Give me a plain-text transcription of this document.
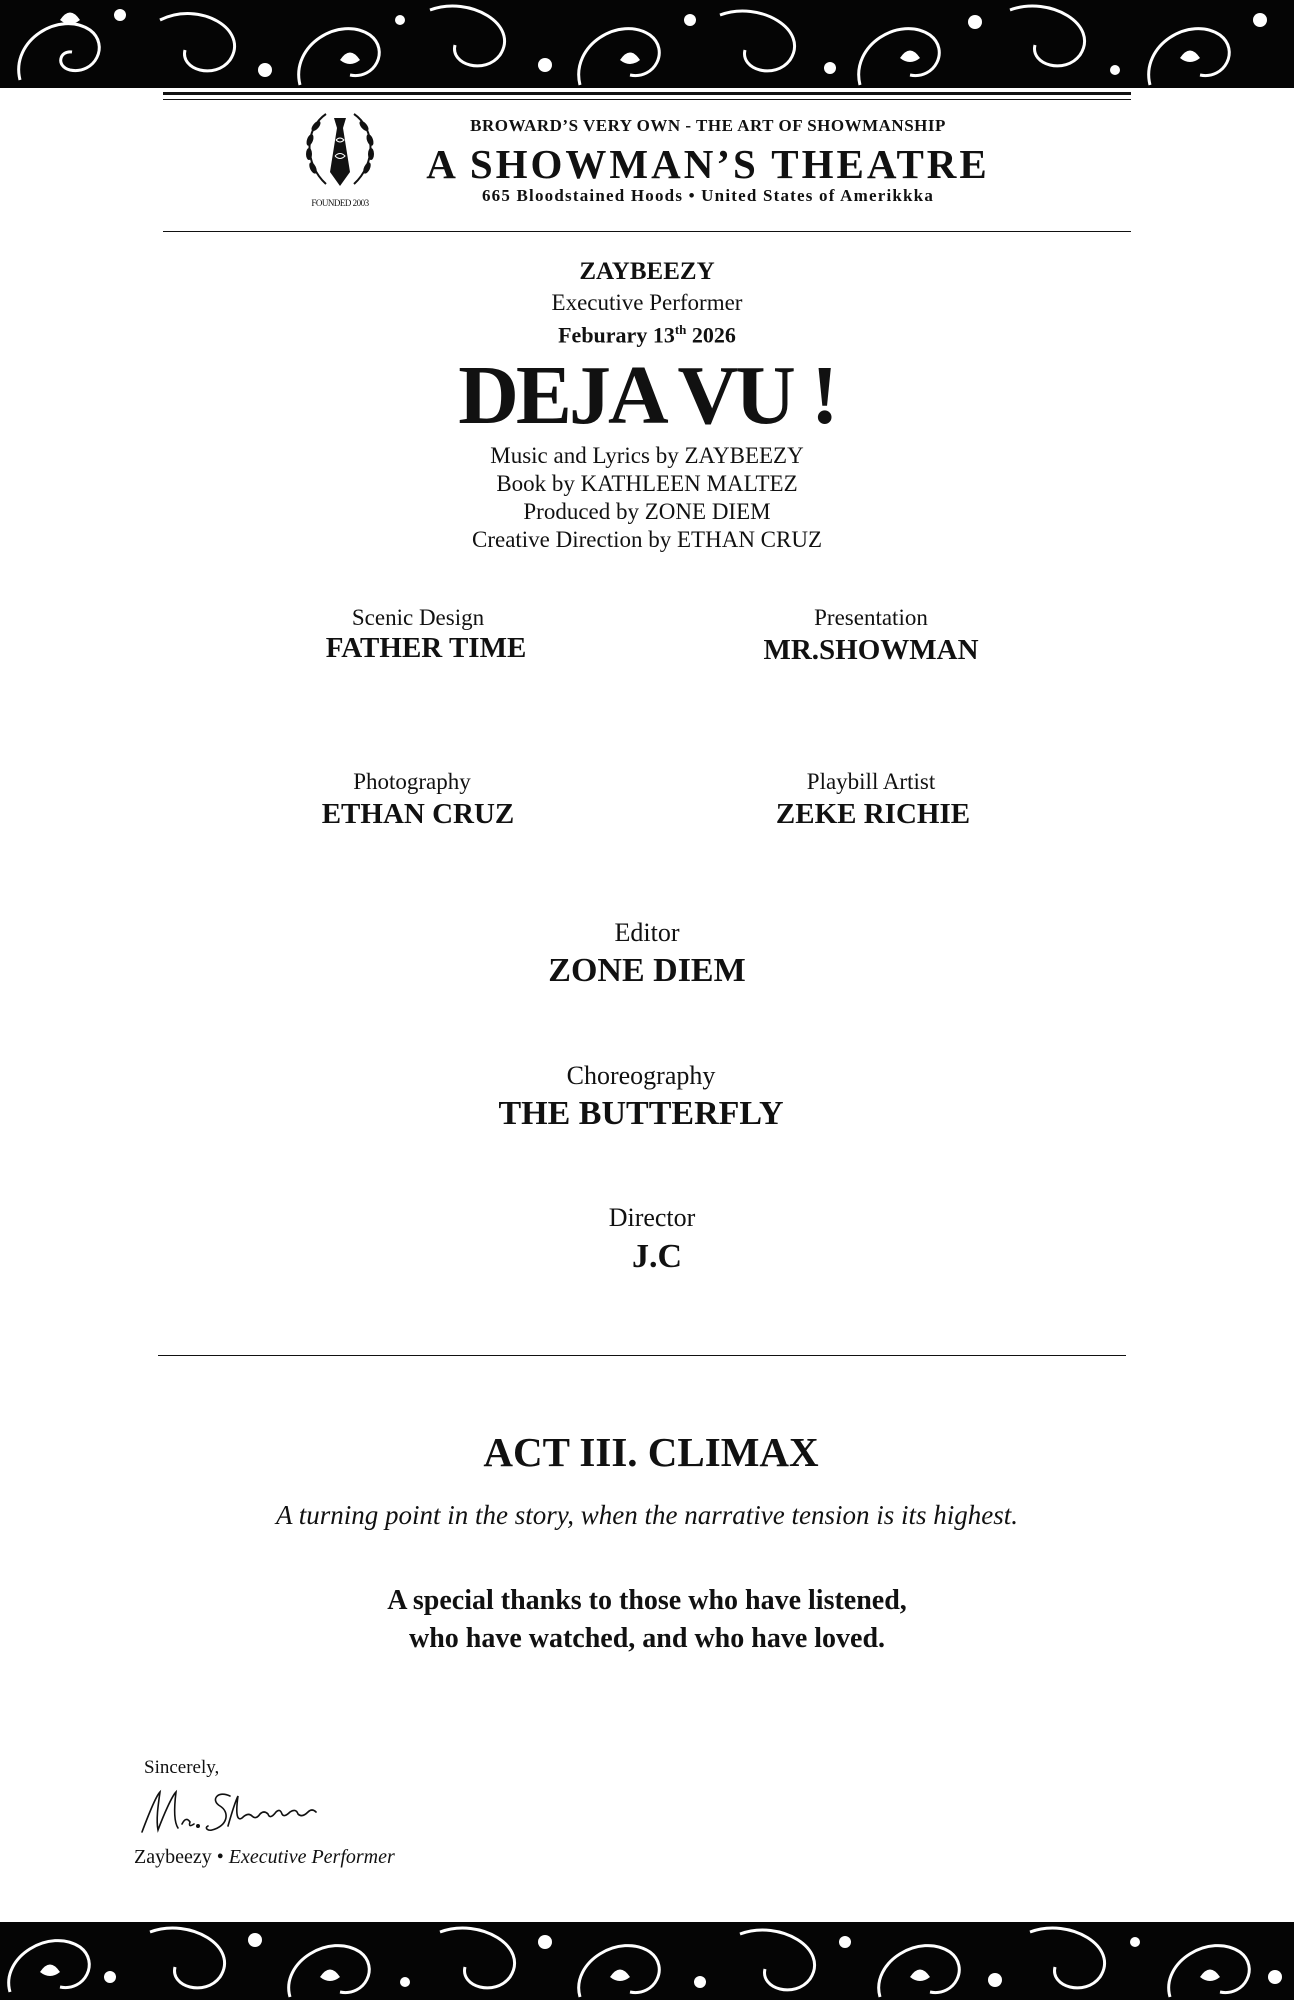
FOUNDED 2003
BROWARD’S VERY OWN - THE ART OF SHOWMANSHIP
A SHOWMAN’S THEATRE
665 Bloodstained Hoods • United States of Amerikkka
ZAYBEEZY
Executive Performer
Feburary 13th 2026
DEJA VU !
Music and Lyrics by ZAYBEEZY
Book by KATHLEEN MALTEZ
Produced by ZONE DIEM
Creative Direction by ETHAN CRUZ
Scenic Design
FATHER TIME
Presentation
MR.SHOWMAN
Photography
ETHAN CRUZ
Playbill Artist
ZEKE RICHIE
Editor
ZONE DIEM
Choreography
THE BUTTERFLY
Director
J.C
ACT III. CLIMAX
A turning point in the story, when the narrative tension is its highest.
A special thanks to those who have listened, who have watched, and who have loved.
Sincerely,
Zaybeezy • Executive Performer
